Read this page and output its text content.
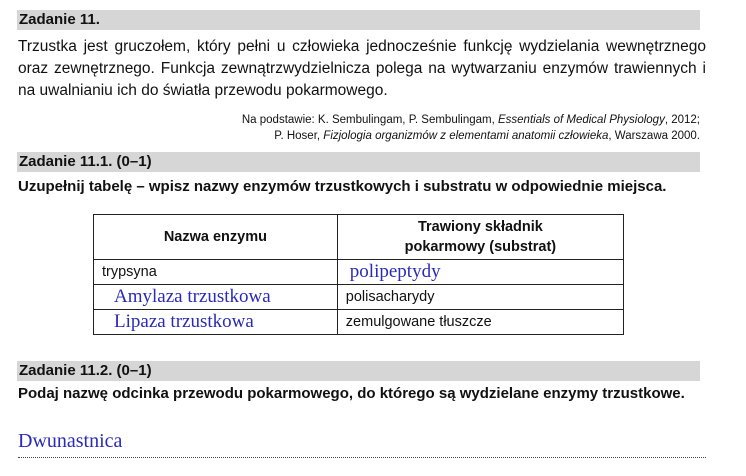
Zadanie 11.
Trzustka jest gruczołem, który pełni u człowieka jednocześnie funkcję wydzielania wewnętrznego oraz zewnętrznego. Funkcja zewnątrzwydzielnicza polega na wytwarzaniu enzymów trawiennych i na uwalnianiu ich do światła przewodu pokarmowego.
Na podstawie: K. Sembulingam, P. Sembulingam, Essentials of Medical Physiology, 2012;
P. Hoser, Fizjologia organizmów z elementami anatomii człowieka, Warszawa 2000.
Zadanie 11.1. (0–1)
Uzupełnij tabelę – wpisz nazwy enzymów trzustkowych i substratu w odpowiednie miejsca.
Nazwa enzymu	Trawiony składnik
pokarmowy (substrat)
trypsyna	polipeptydy
Amylaza trzustkowa	polisacharydy
Lipaza trzustkowa	zemulgowane tłuszcze
Zadanie 11.2. (0–1)
Podaj nazwę odcinka przewodu pokarmowego, do którego są wydzielane enzymy trzustkowe.
Dwunastnica
